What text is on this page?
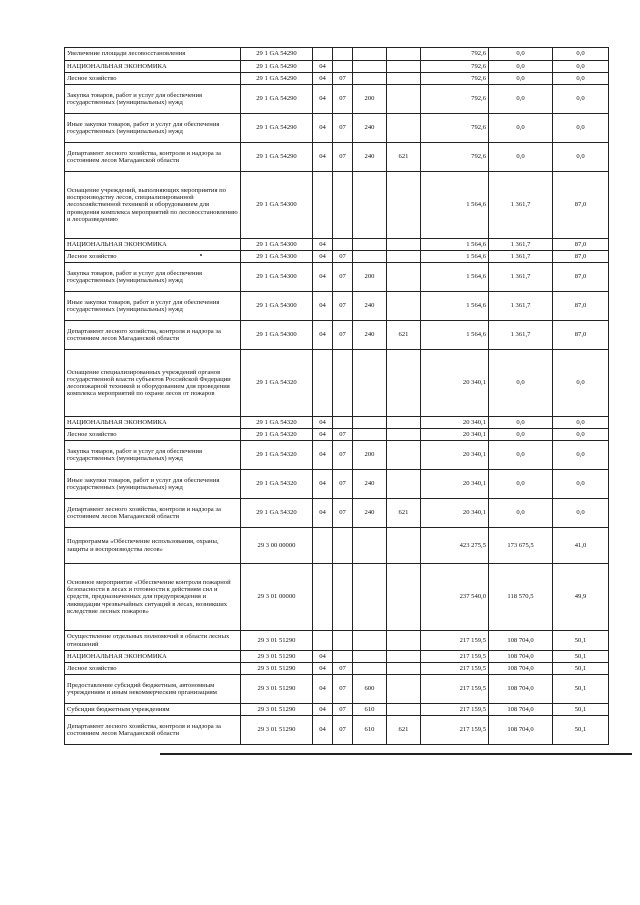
Увеличение площади лесовосстановления	29 1 GA 54290					792,6	0,0	0,0
НАЦИОНАЛЬНАЯ ЭКОНОМИКА	29 1 GA 54290	04				792,6	0,0	0,0
Лесное хозяйство	29 1 GA 54290	04	07			792,6	0,0	0,0
Закупка товаров, работ и услуг для обеспечения государственных (муниципальных) нужд	29 1 GA 54290	04	07	200		792,6	0,0	0,0
Иные закупки товаров, работ и услуг для обеспечения государственных (муниципальных) нужд	29 1 GA 54290	04	07	240		792,6	0,0	0,0
Департамент лесного хозяйства, контроля и надзора за состоянием лесов Магаданской области	29 1 GA 54290	04	07	240	621	792,6	0,0	0,0
Оснащение учреждений, выполняющих мероприятия по воспроизводству лесов, специализированной лесохозяйственной техникой и оборудованием для проведения комплекса мероприятий по лесовосстановлению и лесоразведению	29 1 GA 54300					1 564,6	1 361,7	87,0
НАЦИОНАЛЬНАЯ ЭКОНОМИКА	29 1 GA 54300	04				1 564,6	1 361,7	87,0
Лесное хозяйство	29 1 GA 54300	04	07			1 564,6	1 361,7	87,0
Закупка товаров, работ и услуг для обеспечения государственных (муниципальных) нужд	29 1 GA 54300	04	07	200		1 564,6	1 361,7	87,0
Иные закупки товаров, работ и услуг для обеспечения государственных (муниципальных) нужд	29 1 GA 54300	04	07	240		1 564,6	1 361,7	87,0
Департамент лесного хозяйства, контроля и надзора за состоянием лесов Магаданской области	29 1 GA 54300	04	07	240	621	1 564,6	1 361,7	87,0
Оснащение специализированных учреждений органов государственной власти субъектов Российской Федерации лесопожарной техникой и оборудованием для проведения комплекса мероприятий по охране лесов от пожаров	29 1 GA 54320					20 340,1	0,0	0,0
НАЦИОНАЛЬНАЯ ЭКОНОМИКА	29 1 GA 54320	04				20 340,1	0,0	0,0
Лесное хозяйство	29 1 GA 54320	04	07			20 340,1	0,0	0,0
Закупка товаров, работ и услуг для обеспечения государственных (муниципальных) нужд	29 1 GA 54320	04	07	200		20 340,1	0,0	0,0
Иные закупки товаров, работ и услуг для обеспечения государственных (муниципальных) нужд	29 1 GA 54320	04	07	240		20 340,1	0,0	0,0
Департамент лесного хозяйства, контроля и надзора за состоянием лесов Магаданской области	29 1 GA 54320	04	07	240	621	20 340,1	0,0	0,0
Подпрограмма «Обеспечение использования, охраны, защиты и воспроизводства лесов»	29 3 00 00000					423 275,5	173 675,5	41,0
Основное мероприятие «Обеспечение контроля пожарной безопасности в лесах и готовности к действиям сил и средств, предназначенных для предупреждения и ликвидации чрезвычайных ситуаций в лесах, возникших вследствие лесных пожаров»	29 3 01 00000					237 540,0	118 570,5	49,9
Осуществление отдельных полномочий в области лесных отношений	29 3 01 51290					217 159,5	108 704,0	50,1
НАЦИОНАЛЬНАЯ ЭКОНОМИКА	29 3 01 51290	04				217 159,5	108 704,0	50,1
Лесное хозяйство	29 3 01 51290	04	07			217 159,5	108 704,0	50,1
Предоставление субсидий бюджетным, автономным учреждениям и иным некоммерческим организациям	29 3 01 51290	04	07	600		217 159,5	108 704,0	50,1
Субсидии бюджетным учреждениям	29 3 01 51290	04	07	610		217 159,5	108 704,0	50,1
Департамент лесного хозяйства, контроля и надзора за состоянием лесов Магаданской области	29 3 01 51290	04	07	610	621	217 159,5	108 704,0	50,1
